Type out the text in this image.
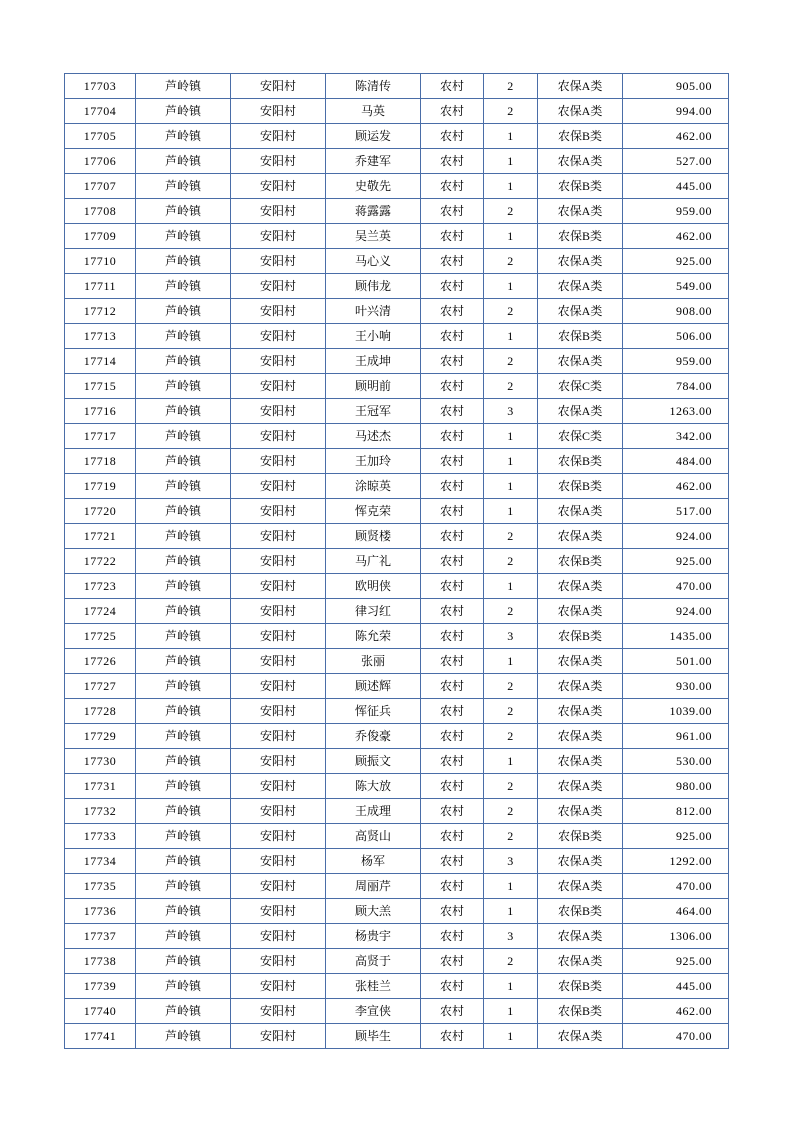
17703	芦岭镇	安阳村	陈清传	农村	2	农保A类	905.00
17704	芦岭镇	安阳村	马英	农村	2	农保A类	994.00
17705	芦岭镇	安阳村	顾运发	农村	1	农保B类	462.00
17706	芦岭镇	安阳村	乔建军	农村	1	农保A类	527.00
17707	芦岭镇	安阳村	史敬先	农村	1	农保B类	445.00
17708	芦岭镇	安阳村	蒋露露	农村	2	农保A类	959.00
17709	芦岭镇	安阳村	吴兰英	农村	1	农保B类	462.00
17710	芦岭镇	安阳村	马心义	农村	2	农保A类	925.00
17711	芦岭镇	安阳村	顾伟龙	农村	1	农保A类	549.00
17712	芦岭镇	安阳村	叶兴清	农村	2	农保A类	908.00
17713	芦岭镇	安阳村	王小响	农村	1	农保B类	506.00
17714	芦岭镇	安阳村	王成坤	农村	2	农保A类	959.00
17715	芦岭镇	安阳村	顾明前	农村	2	农保C类	784.00
17716	芦岭镇	安阳村	王冠军	农村	3	农保A类	1263.00
17717	芦岭镇	安阳村	马述杰	农村	1	农保C类	342.00
17718	芦岭镇	安阳村	王加玲	农村	1	农保B类	484.00
17719	芦岭镇	安阳村	涂晾英	农村	1	农保B类	462.00
17720	芦岭镇	安阳村	恽克荣	农村	1	农保A类	517.00
17721	芦岭镇	安阳村	顾贤楼	农村	2	农保A类	924.00
17722	芦岭镇	安阳村	马广礼	农村	2	农保B类	925.00
17723	芦岭镇	安阳村	欧明侠	农村	1	农保A类	470.00
17724	芦岭镇	安阳村	律习红	农村	2	农保A类	924.00
17725	芦岭镇	安阳村	陈允荣	农村	3	农保B类	1435.00
17726	芦岭镇	安阳村	张丽	农村	1	农保A类	501.00
17727	芦岭镇	安阳村	顾述辉	农村	2	农保A类	930.00
17728	芦岭镇	安阳村	恽征兵	农村	2	农保A类	1039.00
17729	芦岭镇	安阳村	乔俊豪	农村	2	农保A类	961.00
17730	芦岭镇	安阳村	顾振文	农村	1	农保A类	530.00
17731	芦岭镇	安阳村	陈大放	农村	2	农保A类	980.00
17732	芦岭镇	安阳村	王成理	农村	2	农保A类	812.00
17733	芦岭镇	安阳村	高贤山	农村	2	农保B类	925.00
17734	芦岭镇	安阳村	杨军	农村	3	农保A类	1292.00
17735	芦岭镇	安阳村	周丽芹	农村	1	农保A类	470.00
17736	芦岭镇	安阳村	顾大羔	农村	1	农保B类	464.00
17737	芦岭镇	安阳村	杨贵宇	农村	3	农保A类	1306.00
17738	芦岭镇	安阳村	高贤于	农村	2	农保A类	925.00
17739	芦岭镇	安阳村	张桂兰	农村	1	农保B类	445.00
17740	芦岭镇	安阳村	李宣侠	农村	1	农保B类	462.00
17741	芦岭镇	安阳村	顾毕生	农村	1	农保A类	470.00
